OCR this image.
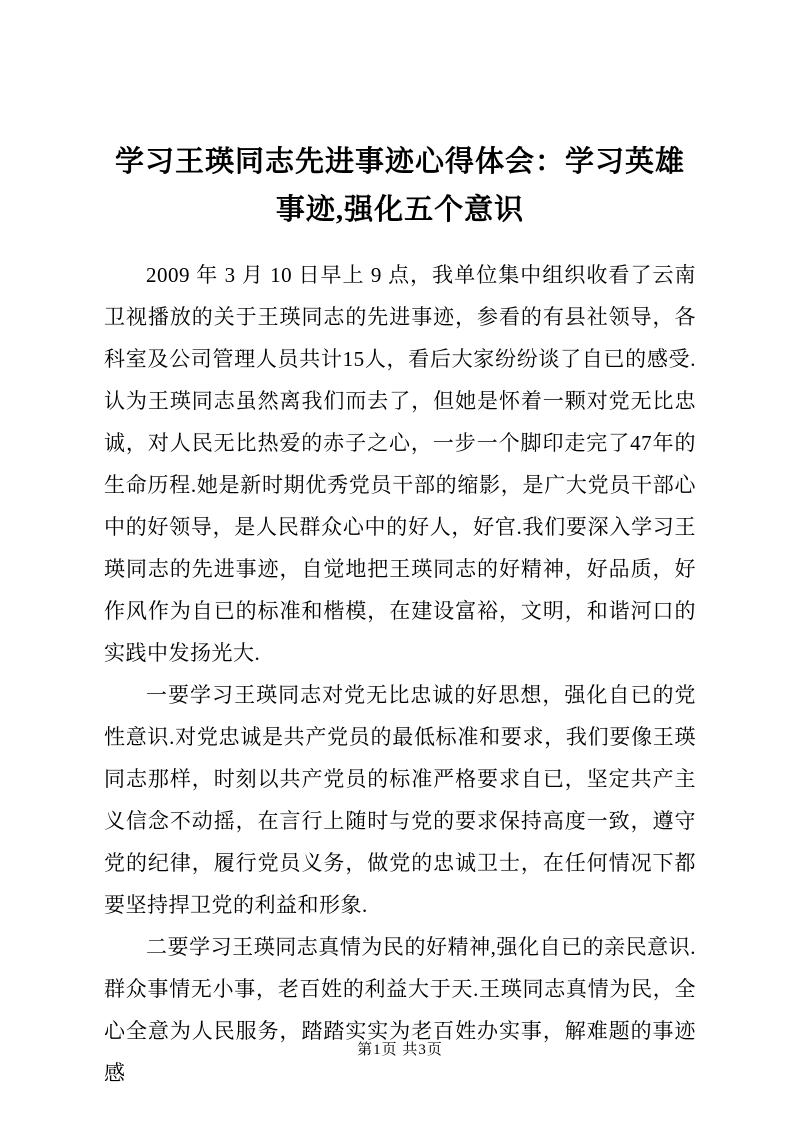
学习王瑛同志先进事迹心得体会：学习英雄事迹,强化五个意识

2009 年 3 月 10 日早上 9 点，我单位集中组织收看了云南卫视播放的关于王瑛同志的先进事迹，参看的有县社领导，各科室及公司管理人员共计15人，看后大家纷纷谈了自已的感受.认为王瑛同志虽然离我们而去了，但她是怀着一颗对党无比忠诚，对人民无比热爱的赤子之心，一步一个脚印走完了47年的生命历程.她是新时期优秀党员干部的缩影，是广大党员干部心中的好领导，是人民群众心中的好人，好官.我们要深入学习王瑛同志的先进事迹，自觉地把王瑛同志的好精神，好品质，好作风作为自已的标准和楷模，在建设富裕，文明，和谐河口的实践中发扬光大.

一要学习王瑛同志对党无比忠诚的好思想，强化自已的党性意识.对党忠诚是共产党员的最低标准和要求，我们要像王瑛同志那样，时刻以共产党员的标准严格要求自已，坚定共产主义信念不动摇，在言行上随时与党的要求保持高度一致，遵守党的纪律，履行党员义务，做党的忠诚卫士，在任何情况下都要坚持捍卫党的利益和形象.

二要学习王瑛同志真情为民的好精神,强化自已的亲民意识.群众事情无小事，老百姓的利益大于天.王瑛同志真情为民，全心全意为人民服务，踏踏实实为老百姓办实事，解难题的事迹感

第1页 共3页
